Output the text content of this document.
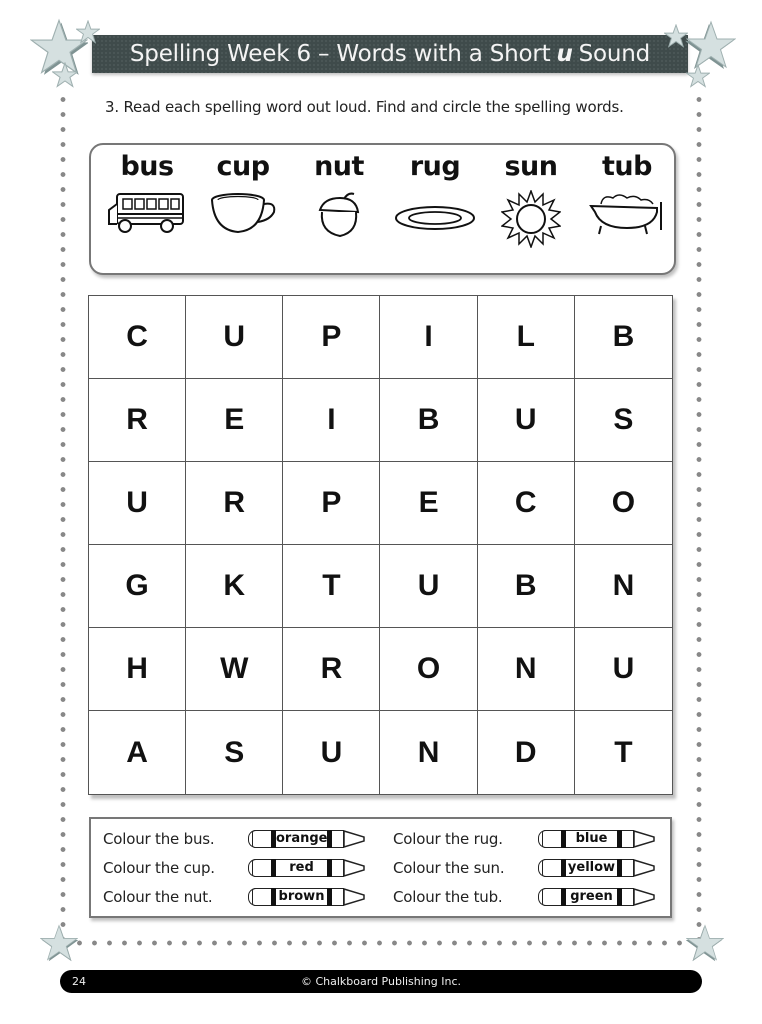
Spelling Week 6 – Words with a Short u Sound
3. Read each spelling word out loud. Find and circle the spelling words.
bus	cup	nut	rug	sun	tub
C	U	P	I	L	B
R	E	I	B	U	S
U	R	P	E	C	O
G	K	T	U	B	N
H	W	R	O	N	U
A	S	U	N	D	T
Colour the bus.	orange
Colour the cup.	red
Colour the nut.	brown
Colour the rug.	blue
Colour the sun.	yellow
Colour the tub.	green
24	© Chalkboard Publishing Inc.
